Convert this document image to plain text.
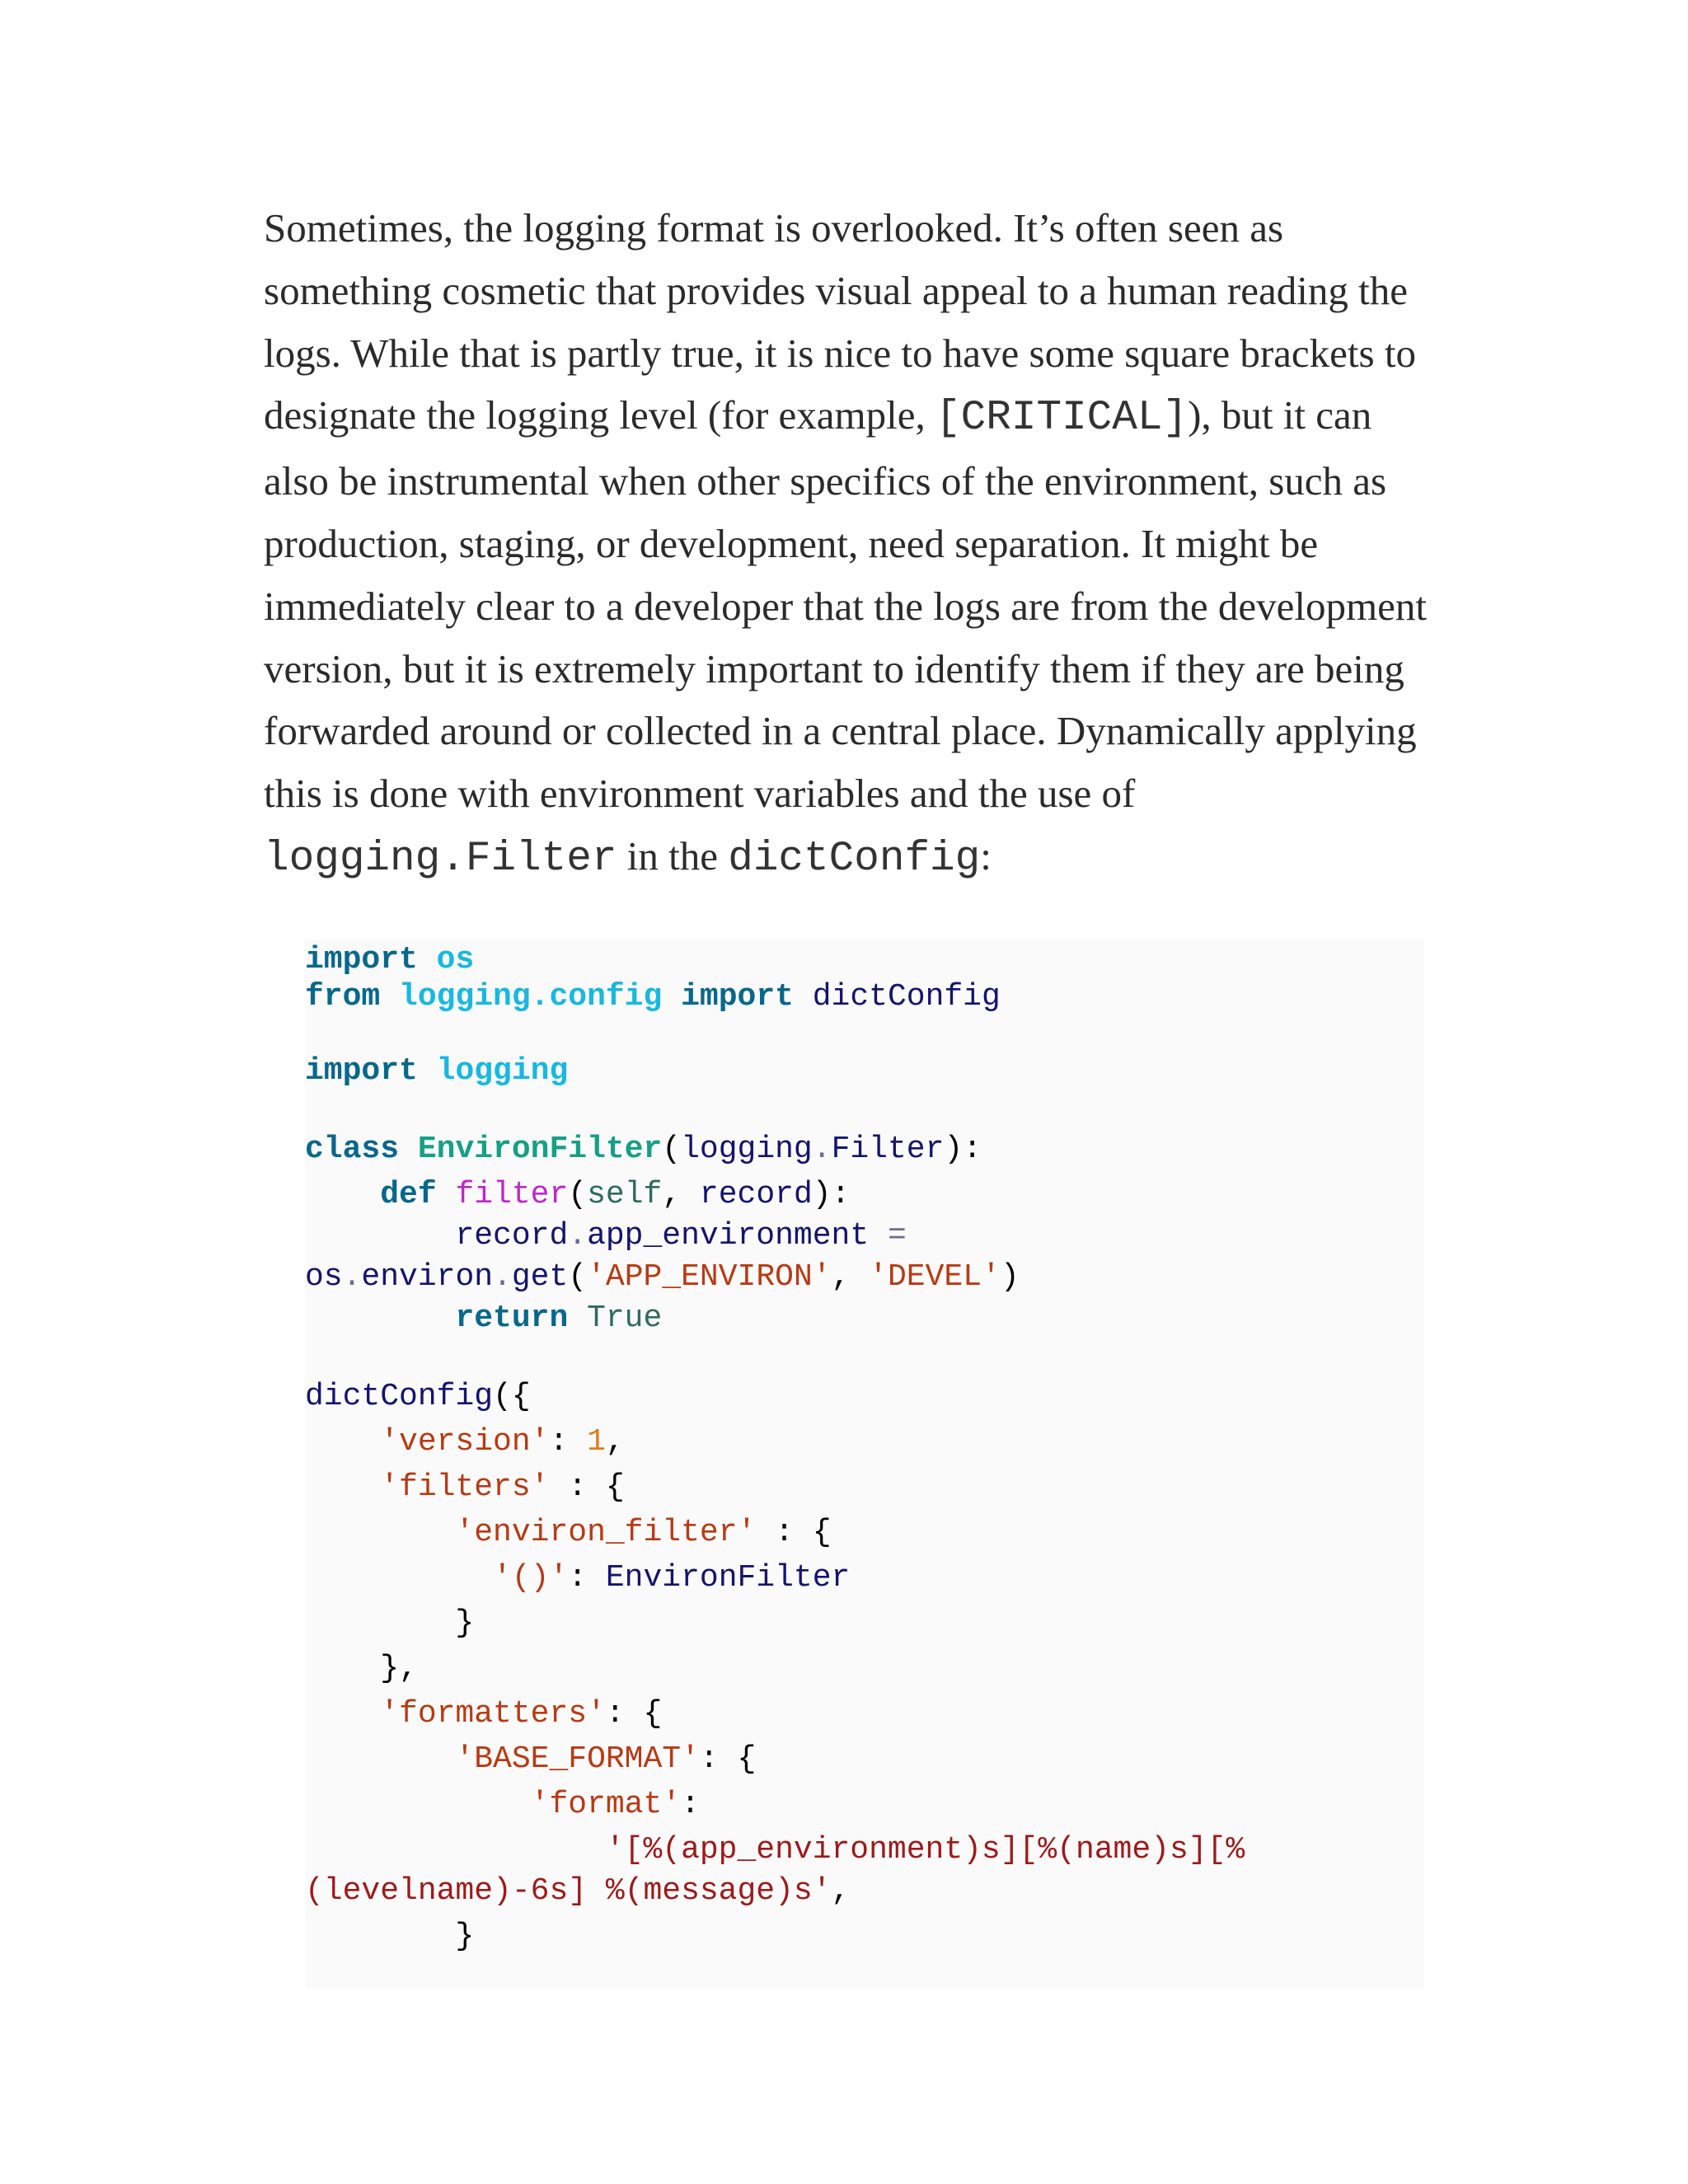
Sometimes, the logging format is overlooked. It’s often seen as something cosmetic that provides visual appeal to a human reading the logs. While that is partly true, it is nice to have some square brackets to designate the logging level (for example, [CRITICAL]), but it can also be instrumental when other specifics of the environment, such as production, staging, or development, need separation. It might be immediately clear to a developer that the logs are from the development version, but it is extremely important to identify them if they are being forwarded around or collected in a central place. Dynamically applying this is done with environment variables and the use of logging.Filter in the dictConfig:

import os

from logging.config import dictConfig

import logging

class EnvironFilter(logging.Filter):

def filter(self, record):

record.app_environment =

os.environ.get('APP_ENVIRON', 'DEVEL')

return True

dictConfig({

'version': 1,

'filters' : {

'environ_filter' : {

'()': EnvironFilter

}

},

'formatters': {

'BASE_FORMAT': {

'format':

'[%(app_environment)s][%(name)s][%

(levelname)-6s] %(message)s',

}
